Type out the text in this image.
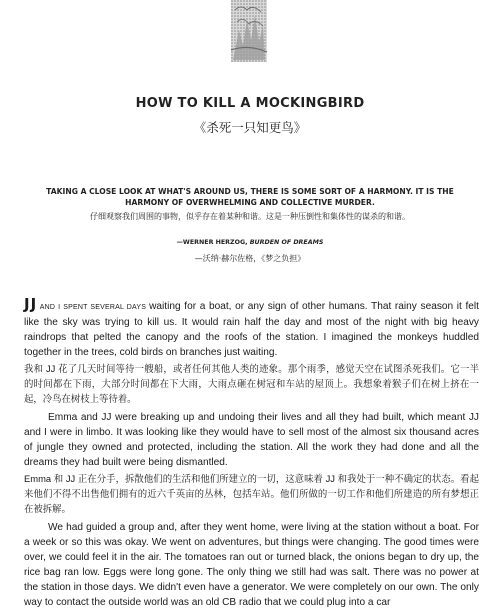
HOW TO KILL A MOCKINGBIRD
《杀死一只知更鸟》
TAKING A CLOSE LOOK AT WHAT'S AROUND US, THERE IS SOME SORT OF A HARMONY. IT IS THE
HARMONY OF OVERWHELMING AND COLLECTIVE MURDER.
仔细观察我们周围的事物，似乎存在着某种和谐。这是一种压倒性和集体性的谋杀的和谐。
—WERNER HERZOG, BURDEN OF DREAMS
—沃纳·赫尔佐格，《梦之负担》

JJ AND I SPENT SEVERAL DAYS waiting for a boat, or any sign of other humans. That rainy season it felt like the sky was trying to kill us. It would rain half the day and most of the night with big heavy raindrops that pelted the canopy and the roofs of the station. I imagined the monkeys huddled together in the trees, cold birds on branches just waiting.

我和 JJ 花了几天时间等待一艘船，或者任何其他人类的迹象。那个雨季，感觉天空在试图杀死我们。它一半的时间都在下雨，大部分时间都在下大雨，大雨点砸在树冠和车站的屋顶上。我想象着猴子们在树上挤在一起，冷鸟在树枝上等待着。

Emma and JJ were breaking up and undoing their lives and all they had built, which meant JJ and I were in limbo. It was looking like they would have to sell most of the almost six thousand acres of jungle they owned and protected, including the station. All the work they had done and all the dreams they had built were being dismantled.

Emma 和 JJ 正在分手，拆散他们的生活和他们所建立的一切，这意味着 JJ 和我处于一种不确定的状态。看起来他们不得不出售他们拥有的近六千英亩的丛林，包括车站。他们所做的一切工作和他们所建造的所有梦想正在被拆解。

We had guided a group and, after they went home, were living at the station without a boat. For a week or so this was okay. We went on adventures, but things were changing. The good times were over, we could feel it in the air. The tomatoes ran out or turned black, the onions began to dry up, the rice bag ran low. Eggs were long gone. The only thing we still had was salt. There was no power at the station in those days. We didn't even have a generator. We were completely on our own. The only way to contact the outside world was an old CB radio that we could plug into a car
